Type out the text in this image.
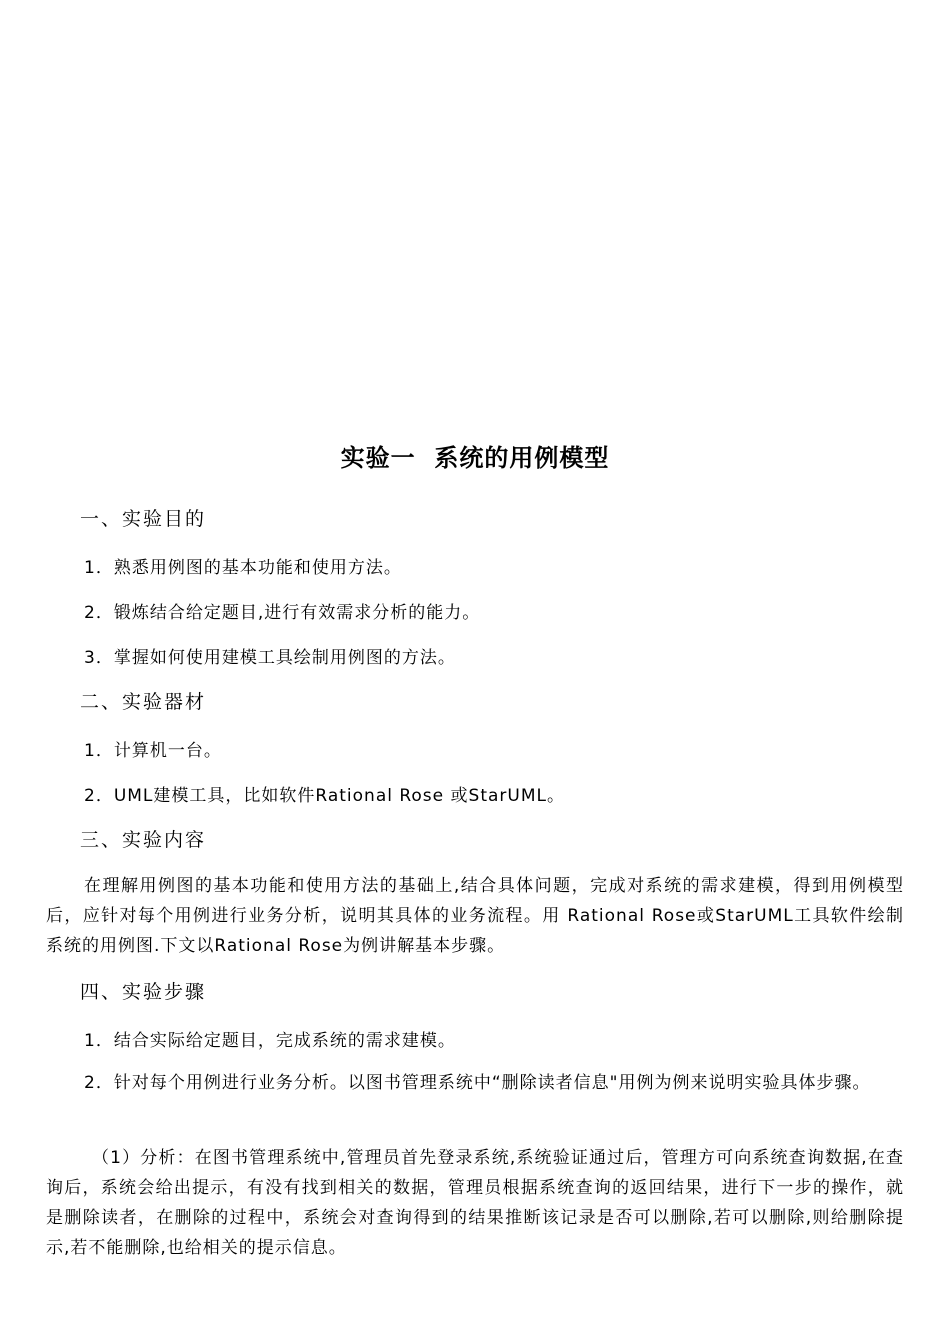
实验一  系统的用例模型
一、实验目的
1．熟悉用例图的基本功能和使用方法。
2．锻炼结合给定题目,进行有效需求分析的能力。
3．掌握如何使用建模工具绘制用例图的方法。
二、实验器材
1．计算机一台。
2．UML建模工具，比如软件Rational Rose 或StarUML。
三、实验内容
在理解用例图的基本功能和使用方法的基础上,结合具体问题，完成对系统的需求建模，得到用例模型后，应针对每个用例进行业务分析，说明其具体的业务流程。用 Rational Rose或StarUML工具软件绘制系统的用例图.下文以Rational Rose为例讲解基本步骤。
四、实验步骤
1．结合实际给定题目，完成系统的需求建模。
2．针对每个用例进行业务分析。以图书管理系统中“删除读者信息"用例为例来说明实验具体步骤。
（1）分析：在图书管理系统中,管理员首先登录系统,系统验证通过后，管理方可向系统查询数据,在查询后，系统会给出提示，有没有找到相关的数据，管理员根据系统查询的返回结果，进行下一步的操作，就是删除读者，在删除的过程中，系统会对查询得到的结果推断该记录是否可以删除,若可以删除,则给删除提示,若不能删除,也给相关的提示信息。
